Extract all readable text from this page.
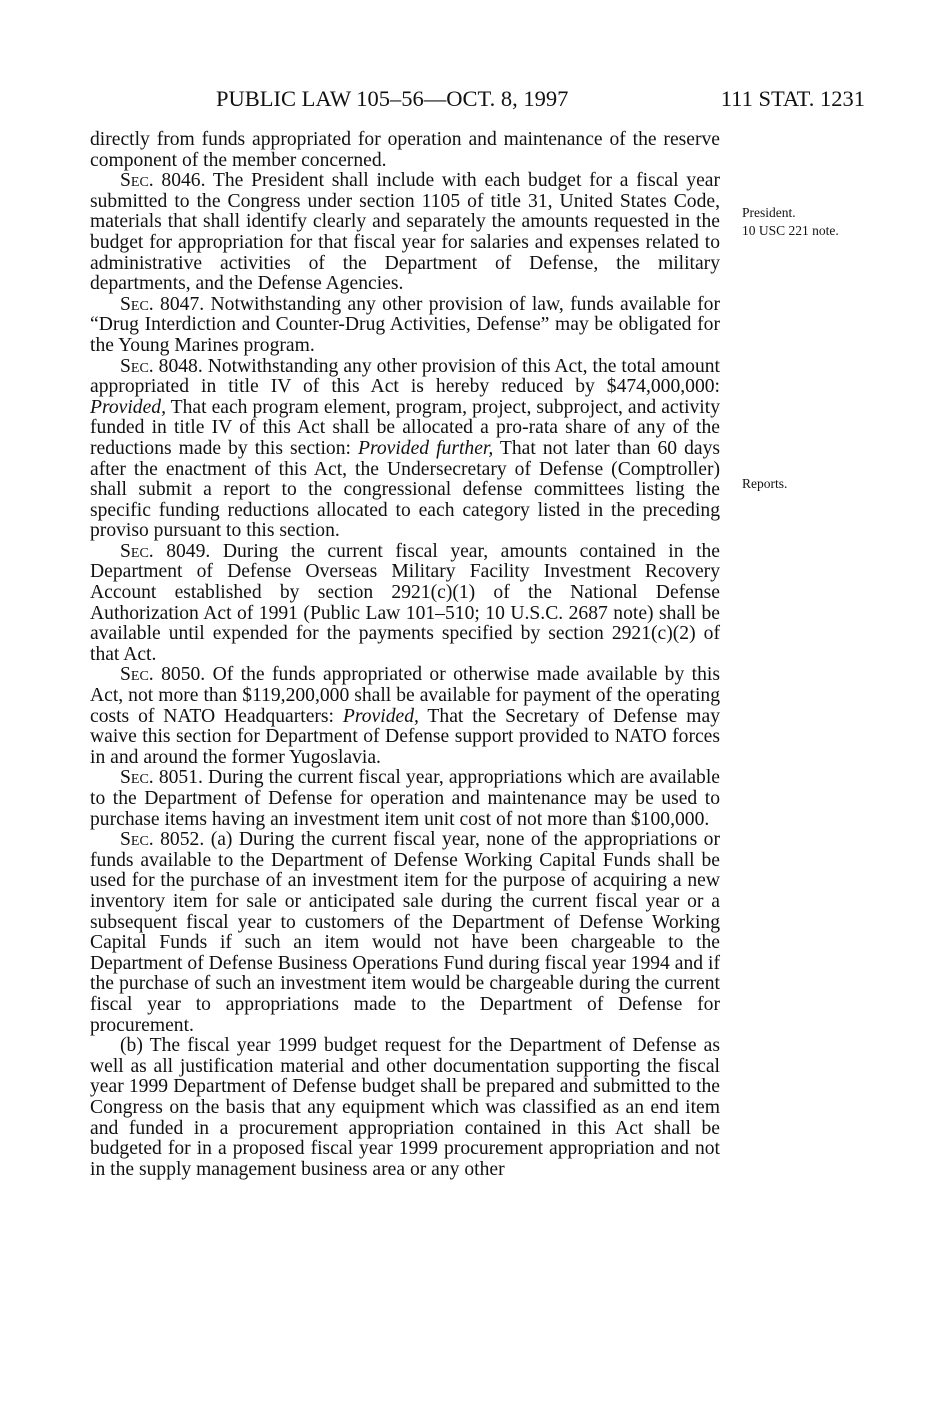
PUBLIC LAW 105–56—OCT. 8, 1997	111 STAT. 1231
President.
10 USC 221 note.
Reports.

directly from funds appropriated for operation and maintenance of the reserve component of the member concerned.

Sec. 8046. The President shall include with each budget for a fiscal year submitted to the Congress under section 1105 of title 31, United States Code, materials that shall identify clearly and separately the amounts requested in the budget for appropriation for that fiscal year for salaries and expenses related to administrative activities of the Department of Defense, the military departments, and the Defense Agencies.

Sec. 8047. Notwithstanding any other provision of law, funds available for “Drug Interdiction and Counter-Drug Activities, Defense” may be obligated for the Young Marines program.

Sec. 8048. Notwithstanding any other provision of this Act, the total amount appropriated in title IV of this Act is hereby reduced by $474,000,000: Provided, That each program element, program, project, subproject, and activity funded in title IV of this Act shall be allocated a pro-rata share of any of the reductions made by this section: Provided further, That not later than 60 days after the enactment of this Act, the Undersecretary of Defense (Comptroller) shall submit a report to the congressional defense committees listing the specific funding reductions allocated to each category listed in the preceding proviso pursuant to this section.

Sec. 8049. During the current fiscal year, amounts contained in the Department of Defense Overseas Military Facility Investment Recovery Account established by section 2921(c)(1) of the National Defense Authorization Act of 1991 (Public Law 101–510; 10 U.S.C. 2687 note) shall be available until expended for the payments specified by section 2921(c)(2) of that Act.

Sec. 8050. Of the funds appropriated or otherwise made available by this Act, not more than $119,200,000 shall be available for payment of the operating costs of NATO Headquarters: Provided, That the Secretary of Defense may waive this section for Department of Defense support provided to NATO forces in and around the former Yugoslavia.

Sec. 8051. During the current fiscal year, appropriations which are available to the Department of Defense for operation and maintenance may be used to purchase items having an investment item unit cost of not more than $100,000.

Sec. 8052. (a) During the current fiscal year, none of the appropriations or funds available to the Department of Defense Working Capital Funds shall be used for the purchase of an investment item for the purpose of acquiring a new inventory item for sale or anticipated sale during the current fiscal year or a subsequent fiscal year to customers of the Department of Defense Working Capital Funds if such an item would not have been chargeable to the Department of Defense Business Operations Fund during fiscal year 1994 and if the purchase of such an investment item would be chargeable during the current fiscal year to appropriations made to the Department of Defense for procurement.

(b) The fiscal year 1999 budget request for the Department of Defense as well as all justification material and other documentation supporting the fiscal year 1999 Department of Defense budget shall be prepared and submitted to the Congress on the basis that any equipment which was classified as an end item and funded in a procurement appropriation contained in this Act shall be budgeted for in a proposed fiscal year 1999 procurement appropriation and not in the supply management business area or any other
